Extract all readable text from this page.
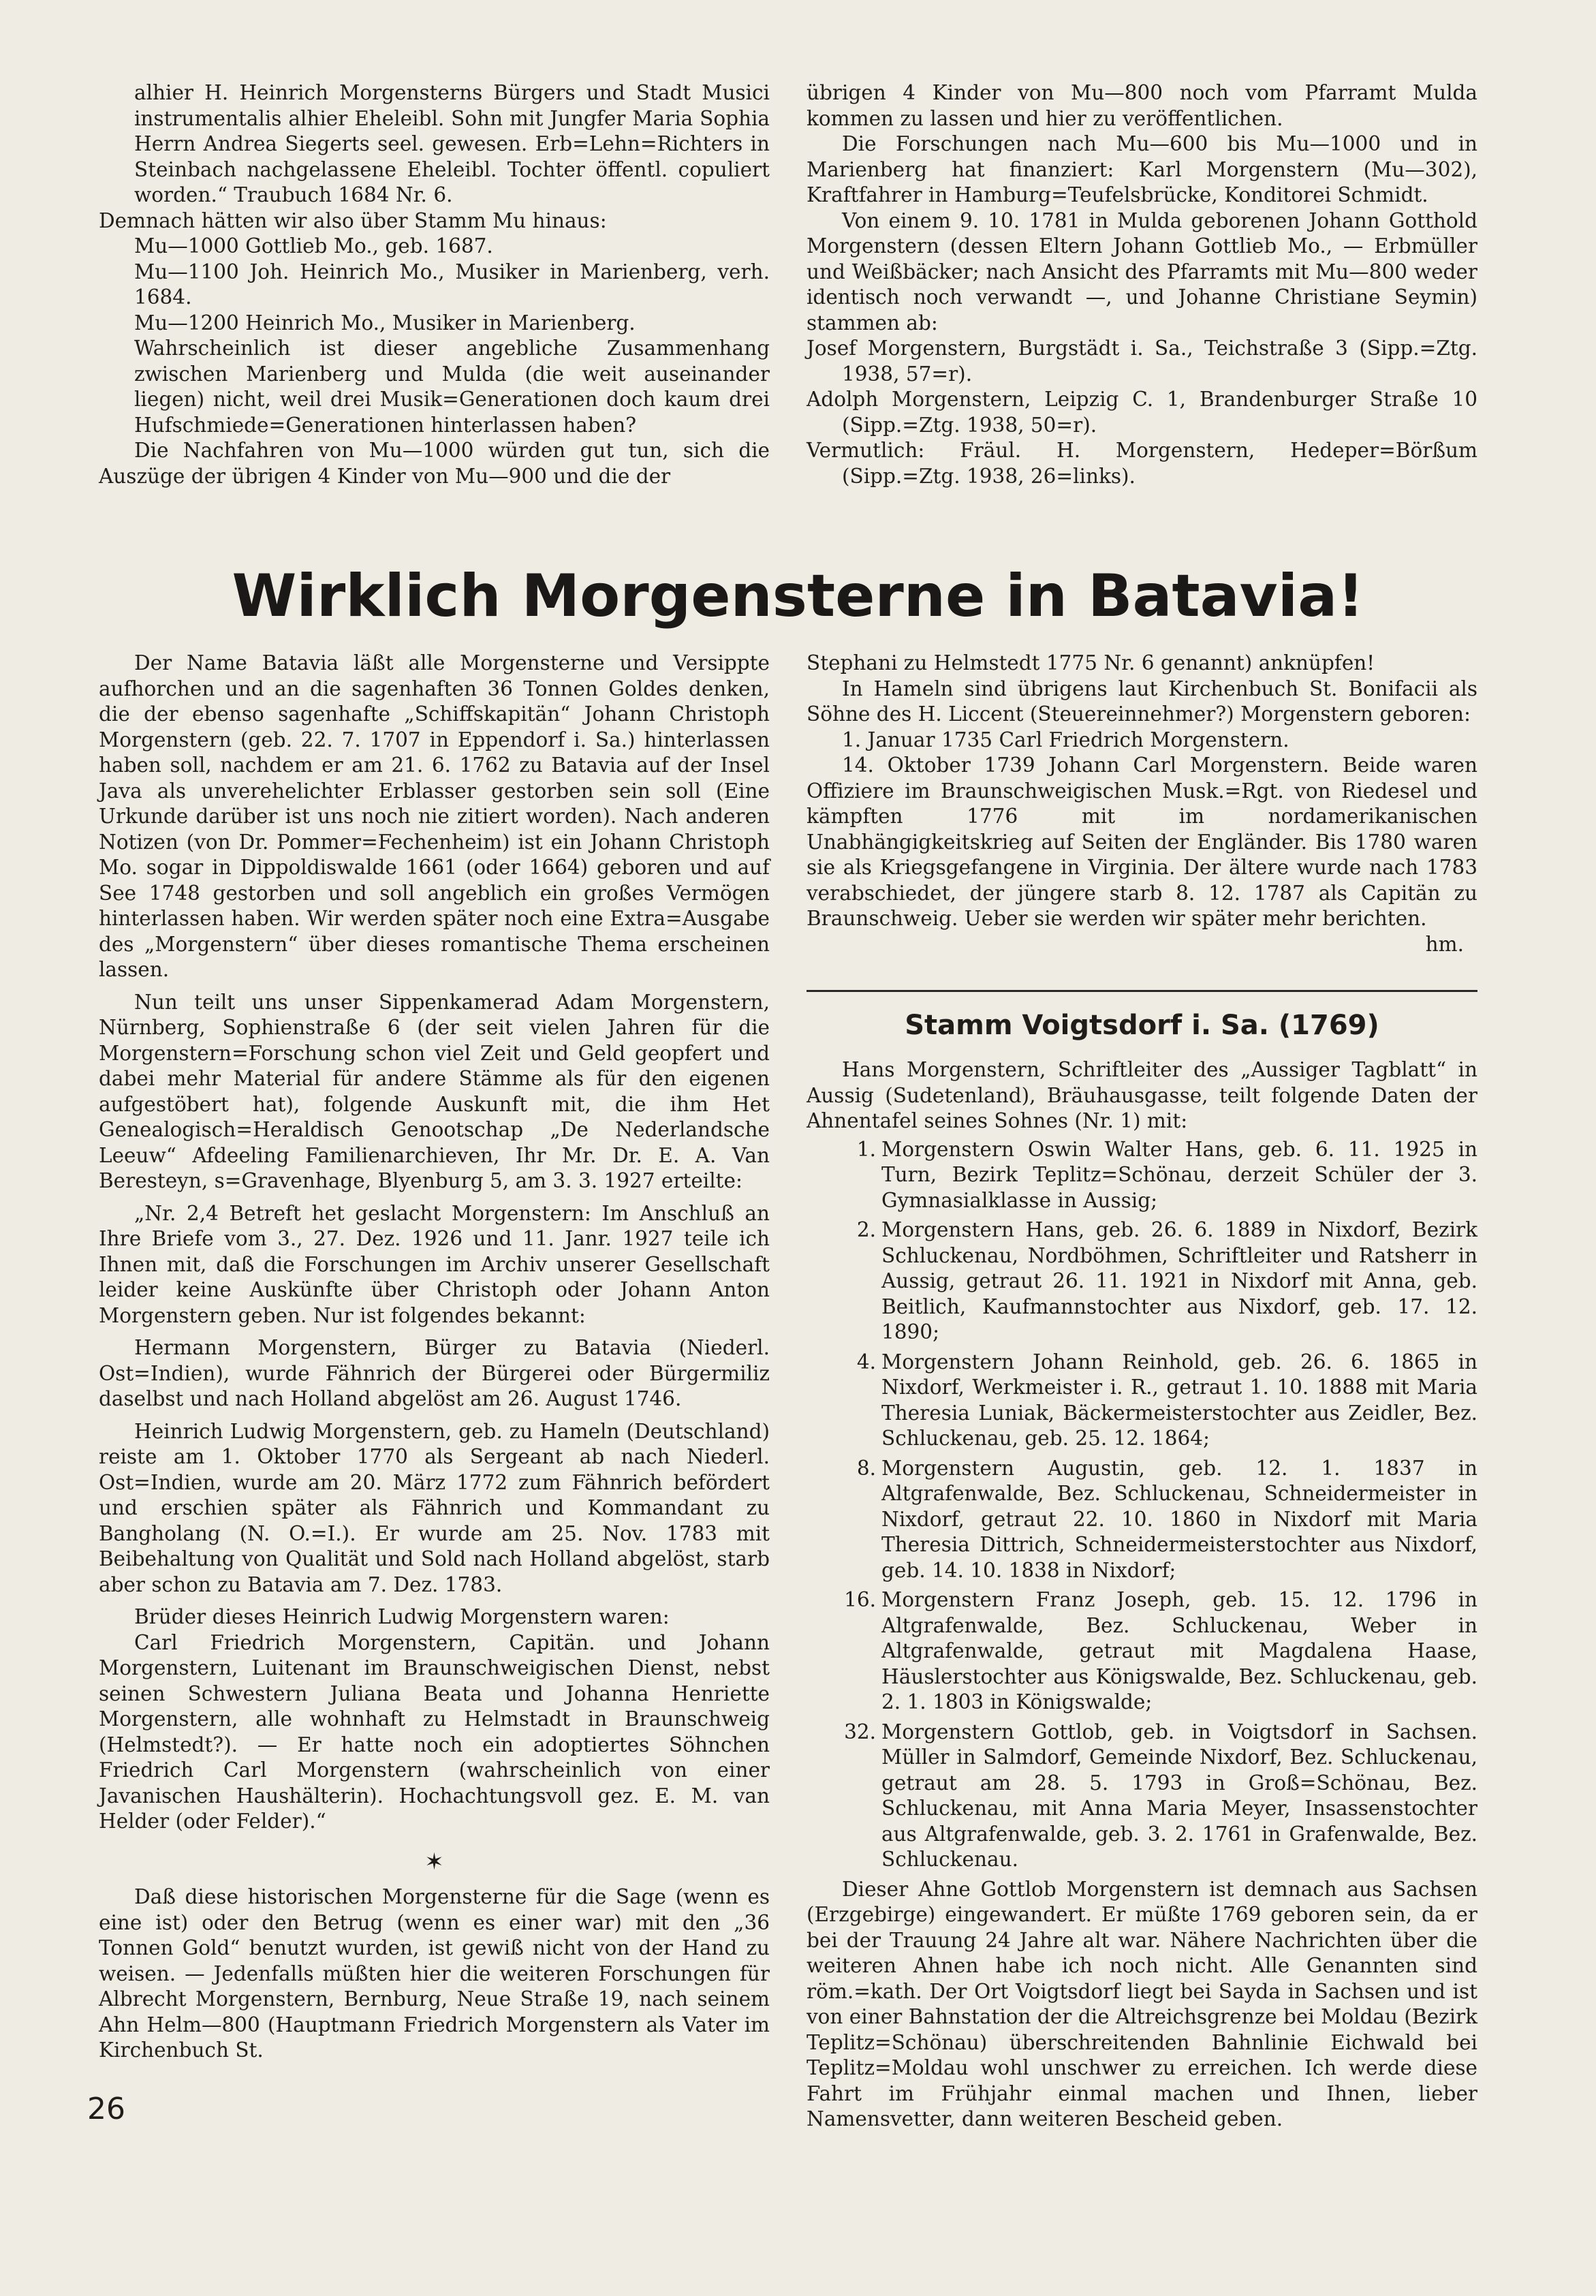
alhier H. Heinrich Morgensterns Bürgers und Stadt Musici instrumentalis alhier Eheleibl. Sohn mit Jungfer Maria Sophia Herrn Andrea Siegerts seel. gewesen. Erb=Lehn=Richters in Steinbach nachgelassene Eheleibl. Tochter öffentl. copuliert worden.“ Traubuch 1684 Nr. 6.

Demnach hätten wir also über Stamm Mu hinaus:

Mu—1000 Gottlieb Mo., geb. 1687.

Mu—1100 Joh. Heinrich Mo., Musiker in Marienberg, verh. 1684.

Mu—1200 Heinrich Mo., Musiker in Marienberg.

Wahrscheinlich ist dieser angebliche Zusammenhang zwischen Marienberg und Mulda (die weit auseinander liegen) nicht, weil drei Musik=Generationen doch kaum drei Hufschmiede=Generationen hinterlassen haben?

Die Nachfahren von Mu—1000 würden gut tun, sich die Auszüge der übrigen 4 Kinder von Mu—900 und die der

übrigen 4 Kinder von Mu—800 noch vom Pfarramt Mulda kommen zu lassen und hier zu veröffentlichen.

Die Forschungen nach Mu—600 bis Mu—1000 und in Marienberg hat finanziert: Karl Morgenstern (Mu—302), Kraftfahrer in Hamburg=Teufelsbrücke, Konditorei Schmidt.

Von einem 9. 10. 1781 in Mulda geborenen Johann Gotthold Morgenstern (dessen Eltern Johann Gottlieb Mo., — Erbmüller und Weißbäcker; nach Ansicht des Pfarramts mit Mu—800 weder identisch noch verwandt —, und Johanne Christiane Seymin) stammen ab:

Josef Morgenstern, Burgstädt i. Sa., Teichstraße 3 (Sipp.=Ztg. 1938, 57=r).

Adolph Morgenstern, Leipzig C. 1, Brandenburger Straße 10 (Sipp.=Ztg. 1938, 50=r).

Vermutlich: Fräul. H. Morgenstern, Hedeper=Börßum (Sipp.=Ztg. 1938, 26=links).

Wirklich Morgensterne in Batavia!

Der Name Batavia läßt alle Morgensterne und Versippte aufhorchen und an die sagenhaften 36 Tonnen Goldes denken, die der ebenso sagenhafte „Schiffskapitän“ Johann Christoph Morgenstern (geb. 22. 7. 1707 in Eppendorf i. Sa.) hinterlassen haben soll, nachdem er am 21. 6. 1762 zu Batavia auf der Insel Java als unverehelichter Erblasser gestorben sein soll (Eine Urkunde darüber ist uns noch nie zitiert worden). Nach anderen Notizen (von Dr. Pommer=Fechenheim) ist ein Johann Christoph Mo. sogar in Dippoldiswalde 1661 (oder 1664) geboren und auf See 1748 gestorben und soll angeblich ein großes Vermögen hinterlassen haben. Wir werden später noch eine Extra=Ausgabe des „Morgenstern“ über dieses romantische Thema erscheinen lassen.

Nun teilt uns unser Sippenkamerad Adam Morgenstern, Nürnberg, Sophienstraße 6 (der seit vielen Jahren für die Morgenstern=Forschung schon viel Zeit und Geld geopfert und dabei mehr Material für andere Stämme als für den eigenen aufgestöbert hat), folgende Auskunft mit, die ihm Het Genealogisch=Heraldisch Genootschap „De Nederlandsche Leeuw“ Afdeeling Familienarchieven, Ihr Mr. Dr. E. A. Van Beresteyn, s=Gravenhage, Blyenburg 5, am 3. 3. 1927 erteilte:

„Nr. 2,4 Betreft het geslacht Morgenstern: Im Anschluß an Ihre Briefe vom 3., 27. Dez. 1926 und 11. Janr. 1927 teile ich Ihnen mit, daß die Forschungen im Archiv unserer Gesellschaft leider keine Auskünfte über Christoph oder Johann Anton Morgenstern geben. Nur ist folgendes bekannt:

Hermann Morgenstern, Bürger zu Batavia (Niederl. Ost=Indien), wurde Fähnrich der Bürgerei oder Bürgermiliz daselbst und nach Holland abgelöst am 26. August 1746.

Heinrich Ludwig Morgenstern, geb. zu Hameln (Deutschland) reiste am 1. Oktober 1770 als Sergeant ab nach Niederl. Ost=Indien, wurde am 20. März 1772 zum Fähnrich befördert und erschien später als Fähnrich und Kommandant zu Bangholang (N. O.=I.). Er wurde am 25. Nov. 1783 mit Beibehaltung von Qualität und Sold nach Holland abgelöst, starb aber schon zu Batavia am 7. Dez. 1783.

Brüder dieses Heinrich Ludwig Morgenstern waren:

Carl Friedrich Morgenstern, Capitän. und Johann Morgenstern, Luitenant im Braunschweigischen Dienst, nebst seinen Schwestern Juliana Beata und Johanna Henriette Morgenstern, alle wohnhaft zu Helmstadt in Braunschweig (Helmstedt?). — Er hatte noch ein adoptiertes Söhnchen Friedrich Carl Morgenstern (wahrscheinlich von einer Javanischen Haushälterin). Hochachtungsvoll gez. E. M. van Helder (oder Felder).“

✶

Daß diese historischen Morgensterne für die Sage (wenn es eine ist) oder den Betrug (wenn es einer war) mit den „36 Tonnen Gold“ benutzt wurden, ist gewiß nicht von der Hand zu weisen. — Jedenfalls müßten hier die weiteren Forschungen für Albrecht Morgenstern, Bernburg, Neue Straße 19, nach seinem Ahn Helm—800 (Hauptmann Friedrich Morgenstern als Vater im Kirchenbuch St.

Stephani zu Helmstedt 1775 Nr. 6 genannt) anknüpfen!

In Hameln sind übrigens laut Kirchenbuch St. Bonifacii als Söhne des H. Liccent (Steuereinnehmer?) Morgenstern geboren:

1. Januar 1735 Carl Friedrich Morgenstern.

14. Oktober 1739 Johann Carl Morgenstern. Beide waren Offiziere im Braunschweigischen Musk.=Rgt. von Riedesel und kämpften 1776 mit im nordamerikanischen Unabhängigkeitskrieg auf Seiten der Engländer. Bis 1780 waren sie als Kriegsgefangene in Virginia. Der ältere wurde nach 1783 verabschiedet, der jüngere starb 8. 12. 1787 als Capitän zu Braunschweig. Ueber sie werden wir später mehr berichten.

hm.

Stamm Voigtsdorf i. Sa. (1769)

Hans Morgenstern, Schriftleiter des „Aussiger Tagblatt“ in Aussig (Sudetenland), Bräuhausgasse, teilt folgende Daten der Ahnentafel seines Sohnes (Nr. 1) mit:

1. Morgenstern Oswin Walter Hans, geb. 6. 11. 1925 in Turn, Bezirk Teplitz=Schönau, derzeit Schüler der 3. Gymnasialklasse in Aussig;
2. Morgenstern Hans, geb. 26. 6. 1889 in Nixdorf, Bezirk Schluckenau, Nordböhmen, Schriftleiter und Ratsherr in Aussig, getraut 26. 11. 1921 in Nixdorf mit Anna, geb. Beitlich, Kaufmannstochter aus Nixdorf, geb. 17. 12. 1890;
4. Morgenstern Johann Reinhold, geb. 26. 6. 1865 in Nixdorf, Werkmeister i. R., getraut 1. 10. 1888 mit Maria Theresia Luniak, Bäckermeisterstochter aus Zeidler, Bez. Schluckenau, geb. 25. 12. 1864;
8. Morgenstern Augustin, geb. 12. 1. 1837 in Altgrafenwalde, Bez. Schluckenau, Schneidermeister in Nixdorf, getraut 22. 10. 1860 in Nixdorf mit Maria Theresia Dittrich, Schneidermeisterstochter aus Nixdorf, geb. 14. 10. 1838 in Nixdorf;
16. Morgenstern Franz Joseph, geb. 15. 12. 1796 in Altgrafenwalde, Bez. Schluckenau, Weber in Altgrafenwalde, getraut mit Magdalena Haase, Häuslerstochter aus Königswalde, Bez. Schluckenau, geb. 2. 1. 1803 in Königswalde;
32. Morgenstern Gottlob, geb. in Voigtsdorf in Sachsen. Müller in Salmdorf, Gemeinde Nixdorf, Bez. Schluckenau, getraut am 28. 5. 1793 in Groß=Schönau, Bez. Schluckenau, mit Anna Maria Meyer, Insassenstochter aus Altgrafenwalde, geb. 3. 2. 1761 in Grafenwalde, Bez. Schluckenau.

Dieser Ahne Gottlob Morgenstern ist demnach aus Sachsen (Erzgebirge) eingewandert. Er müßte 1769 geboren sein, da er bei der Trauung 24 Jahre alt war. Nähere Nachrichten über die weiteren Ahnen habe ich noch nicht. Alle Genannten sind röm.=kath. Der Ort Voigtsdorf liegt bei Sayda in Sachsen und ist von einer Bahnstation der die Altreichsgrenze bei Moldau (Bezirk Teplitz=Schönau) überschreitenden Bahnlinie Eichwald bei Teplitz=Moldau wohl unschwer zu erreichen. Ich werde diese Fahrt im Frühjahr einmal machen und Ihnen, lieber Namensvetter, dann weiteren Bescheid geben.

26
